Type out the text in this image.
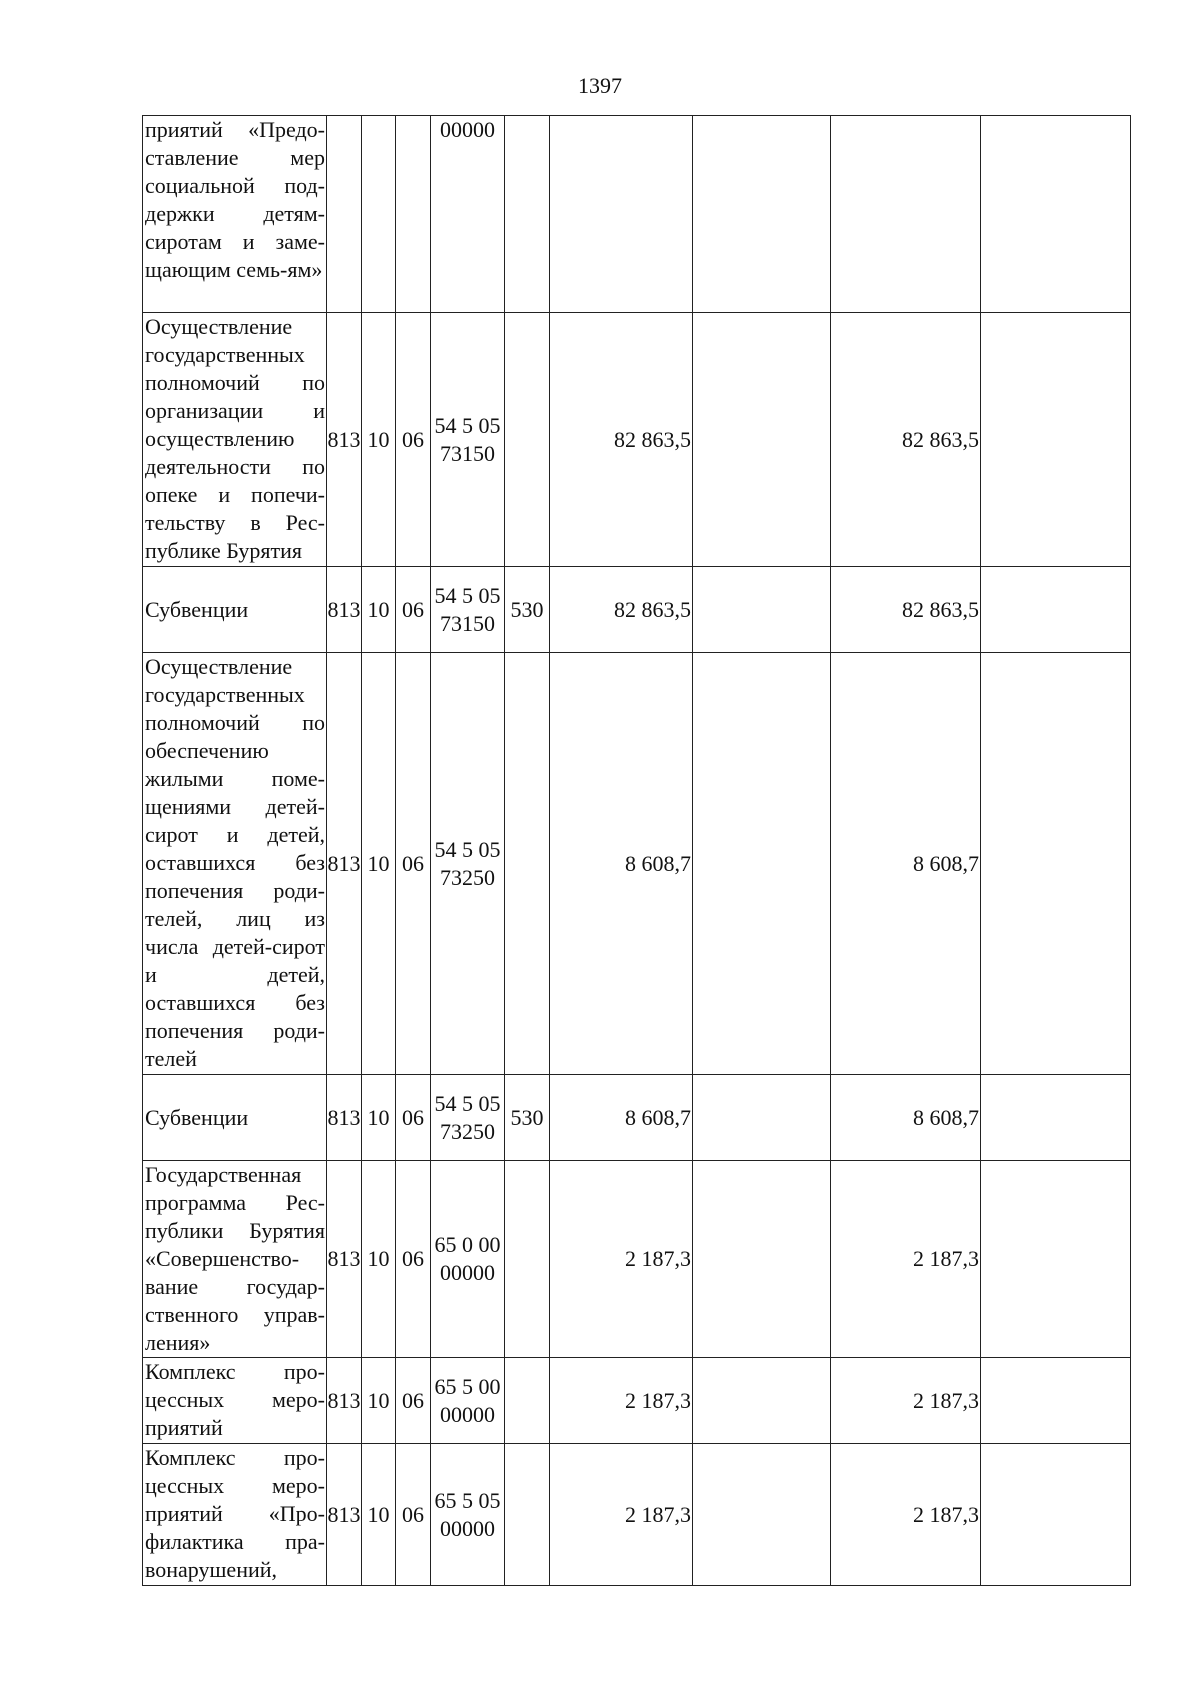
1397
приятий «Предо-ставление мер социальной под-держки детям-сиротам и заме-щающим семь-ям»				00000					
Осуществление государственных полномочий по организации и осуществлению деятельности по опеке и попечи-тельству в Рес-публике Бурятия	813	10	06	54 5 05 73150		82 863,5		82 863,5	
Субвенции	813	10	06	54 5 05 73150	530	82 863,5		82 863,5	
Осуществление государственных полномочий по обеспечению жилыми поме-щениями детей-сирот и детей, оставшихся без попечения роди-телей, лиц из числа детей-сирот и детей, оставшихся без попечения роди-телей	813	10	06	54 5 05 73250		8 608,7		8 608,7	
Субвенции	813	10	06	54 5 05 73250	530	8 608,7		8 608,7	
Государственная программа Рес-публики Бурятия «Совершенство-вание государ-ственного управ-ления»	813	10	06	65 0 00 00000		2 187,3		2 187,3	
Комплекс про-цессных меро-приятий	813	10	06	65 5 00 00000		2 187,3		2 187,3	
Комплекс про-цессных меро-приятий «Про-филактика пра-вонарушений,	813	10	06	65 5 05 00000		2 187,3		2 187,3	
